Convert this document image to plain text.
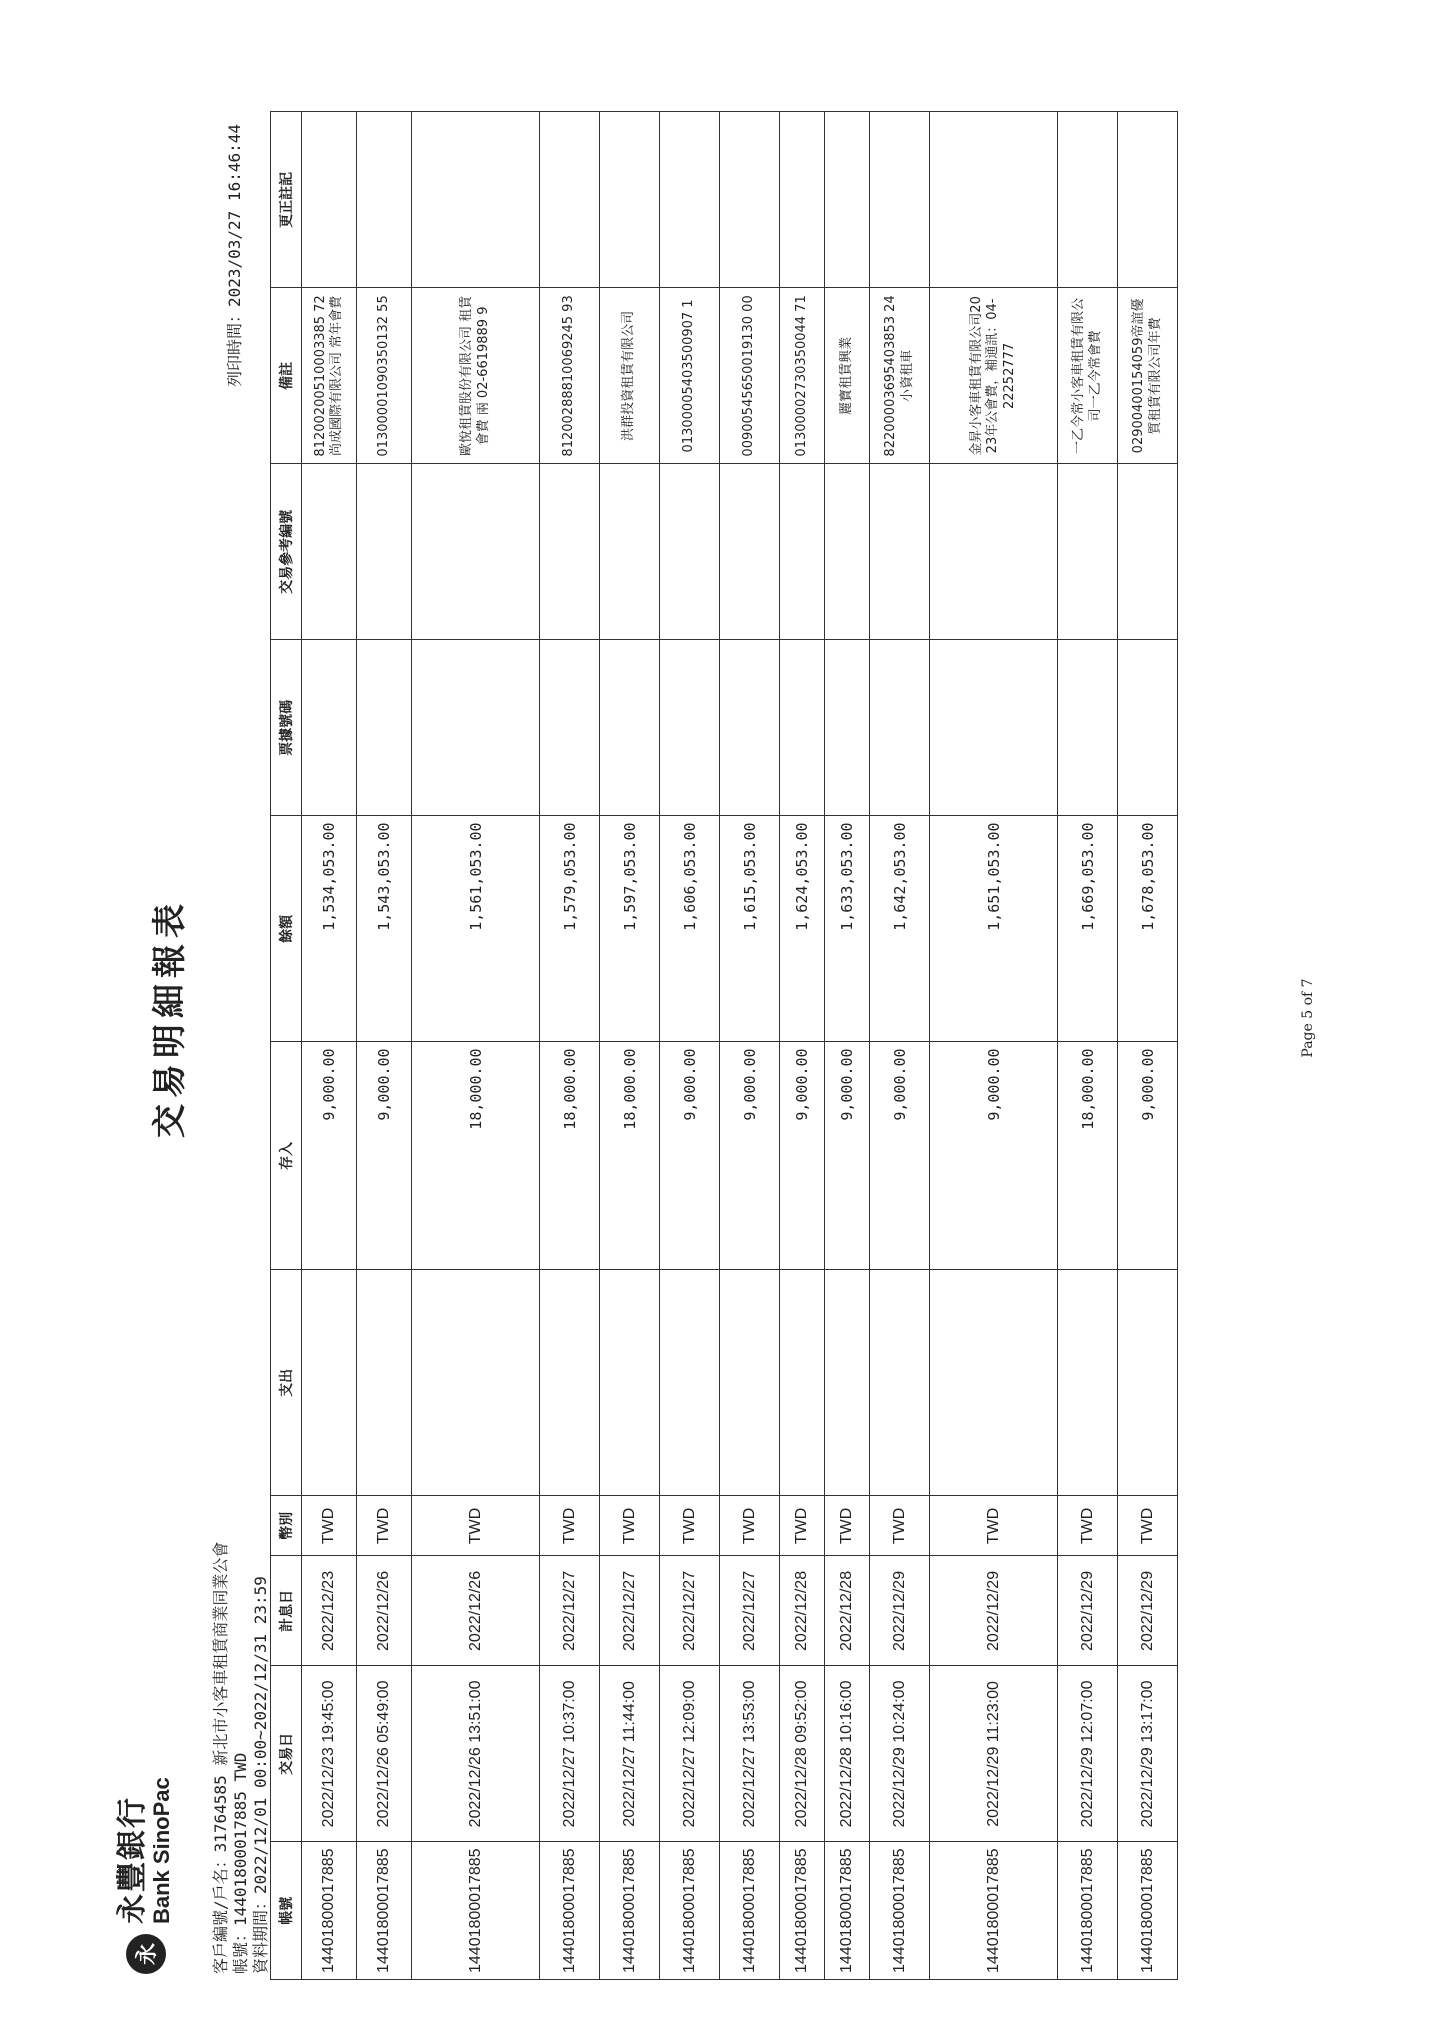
永
永豐銀行 Bank SinoPac
交易明細報表
列印時間：2023/03/27 16:46:44
客戶編號/戶名：31764585 新北市小客車租賃商業同業公會 帳號：14401800017885 TWD 資料期間：2022/12/01 00:00~2022/12/31 23:59 帳號	交易日	計息日	幣別	支出	存入	餘額	票據號碼	交易參考編號	備註	更正註記
14401800017885	2022/12/23 19:45:00	2022/12/23	TWD		9,000.00	1,534,053.00			81200200510003385 72尚成國際有限公司 常年會費	
14401800017885	2022/12/26 05:49:00	2022/12/26	TWD		9,000.00	1,543,053.00			01300001090350132 55	
14401800017885	2022/12/26 13:51:00	2022/12/26	TWD		18,000.00	1,561,053.00			歐悅租賃股份有限公司 租賃會費 兩 02-6619889 9	
14401800017885	2022/12/27 10:37:00	2022/12/27	TWD		18,000.00	1,579,053.00			81200288810069245 93	
14401800017885	2022/12/27 11:44:00	2022/12/27	TWD		18,000.00	1,597,053.00			洪群投資租賃有限公司	
14401800017885	2022/12/27 12:09:00	2022/12/27	TWD		9,000.00	1,606,053.00			01300005403500907 1	
14401800017885	2022/12/27 13:53:00	2022/12/27	TWD		9,000.00	1,615,053.00			00900545650019130 00	
14401800017885	2022/12/28 09:52:00	2022/12/28	TWD		9,000.00	1,624,053.00			01300002730350044 71	
14401800017885	2022/12/28 10:16:00	2022/12/28	TWD		9,000.00	1,633,053.00			麗寶租賃興業	
14401800017885	2022/12/29 10:24:00	2022/12/29	TWD		9,000.00	1,642,053.00			82200003695403853 24小資租車	
14401800017885	2022/12/29 11:23:00	2022/12/29	TWD		9,000.00	1,651,053.00			金昇小客車租賃有限公司2023年公會費，補通訊：04-22252777	
14401800017885	2022/12/29 12:07:00	2022/12/29	TWD		18,000.00	1,669,053.00			一乙今常小客車租賃有限公司一乙今常會費	
14401800017885	2022/12/29 13:17:00	2022/12/29	TWD		9,000.00	1,678,053.00			02900400154059帝誼優質租賃有限公司年費	
Page 5 of 7
